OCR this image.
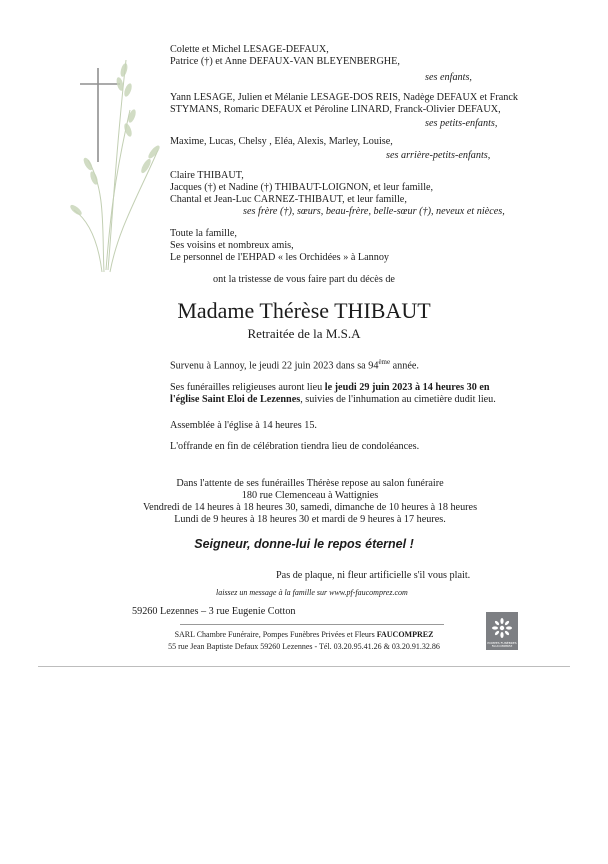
Colette et Michel LESAGE-DEFAUX,
Patrice (†) et Anne DEFAUX-VAN BLEYENBERGHE,
ses enfants,
Yann LESAGE, Julien et Mélanie LESAGE-DOS REIS, Nadège DEFAUX et Franck
STYMANS, Romaric DEFAUX et Péroline LINARD, Franck-Olivier DEFAUX,
ses petits-enfants,
Maxime, Lucas, Chelsy , Eléa, Alexis, Marley, Louise,
ses arrière-petits-enfants,
Claire THIBAUT,
Jacques (†) et Nadine (†) THIBAUT-LOIGNON, et leur famille,
Chantal et Jean-Luc CARNEZ-THIBAUT, et leur famille,
ses frère (†), sœurs, beau-frère, belle-sœur (†), neveux et nièces,
Toute la famille,
Ses voisins et nombreux amis,
Le personnel de l'EHPAD « les Orchidées » à Lannoy
ont la tristesse de vous faire part du décès de
Madame Thérèse THIBAUT
Retraitée de la M.S.A
Survenu à Lannoy, le jeudi 22 juin 2023 dans sa 94ème année.
Ses funérailles religieuses auront lieu le jeudi 29 juin 2023 à 14 heures 30 en
l'église Saint Eloi de Lezennes, suivies de l'inhumation au cimetière dudit lieu.
Assemblée à l'église à 14 heures 15.
L'offrande en fin de célébration tiendra lieu de condoléances.
Dans l'attente de ses funérailles Thérèse repose au salon funéraire
180 rue Clemenceau à Wattignies
Vendredi de 14 heures à 18 heures 30, samedi, dimanche de 10 heures à 18 heures
Lundi de 9 heures à 18 heures 30 et mardi de 9 heures à 17 heures.
Seigneur, donne-lui le repos éternel !
Pas de plaque, ni fleur artificielle s'il vous plait.
laissez un message à la famille sur www.pf-faucomprez.com
59260 Lezennes – 3 rue Eugenie Cotton
SARL Chambre Funéraire, Pompes Funèbres Privées et Fleurs FAUCOMPREZ
55 rue Jean Baptiste Defaux 59260 Lezennes - Tél. 03.20.95.41.26 & 03.20.91.32.86	POMPES FUNÈBRES FAUCOMPREZ
